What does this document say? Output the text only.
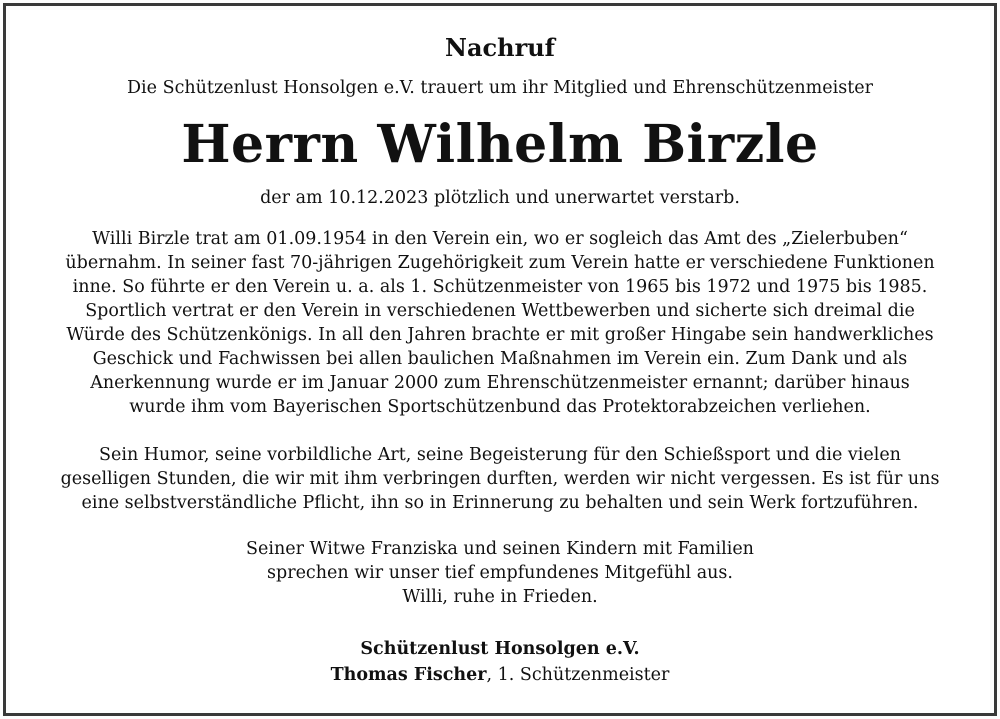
Nachruf
Die Schützenlust Honsolgen e.V. trauert um ihr Mitglied und Ehrenschützenmeister
Herrn Wilhelm Birzle
der am 10.12.2023 plötzlich und unerwartet verstarb.
Willi Birzle trat am 01.09.1954 in den Verein ein, wo er sogleich das Amt des „Zielerbuben“
übernahm. In seiner fast 70-jährigen Zugehörigkeit zum Verein hatte er verschiedene Funktionen
inne. So führte er den Verein u. a. als 1. Schützenmeister von 1965 bis 1972 und 1975 bis 1985.
Sportlich vertrat er den Verein in verschiedenen Wettbewerben und sicherte sich dreimal die
Würde des Schützenkönigs. In all den Jahren brachte er mit großer Hingabe sein handwerkliches
Geschick und Fachwissen bei allen baulichen Maßnahmen im Verein ein. Zum Dank und als
Anerkennung wurde er im Januar 2000 zum Ehrenschützenmeister ernannt; darüber hinaus
wurde ihm vom Bayerischen Sportschützenbund das Protektorabzeichen verliehen.
Sein Humor, seine vorbildliche Art, seine Begeisterung für den Schießsport und die vielen
geselligen Stunden, die wir mit ihm verbringen durften, werden wir nicht vergessen. Es ist für uns
eine selbstverständliche Pflicht, ihn so in Erinnerung zu behalten und sein Werk fortzuführen.
Seiner Witwe Franziska und seinen Kindern mit Familien
sprechen wir unser tief empfundenes Mitgefühl aus.
Willi, ruhe in Frieden.
Schützenlust Honsolgen e.V.
Thomas Fischer, 1. Schützenmeister
